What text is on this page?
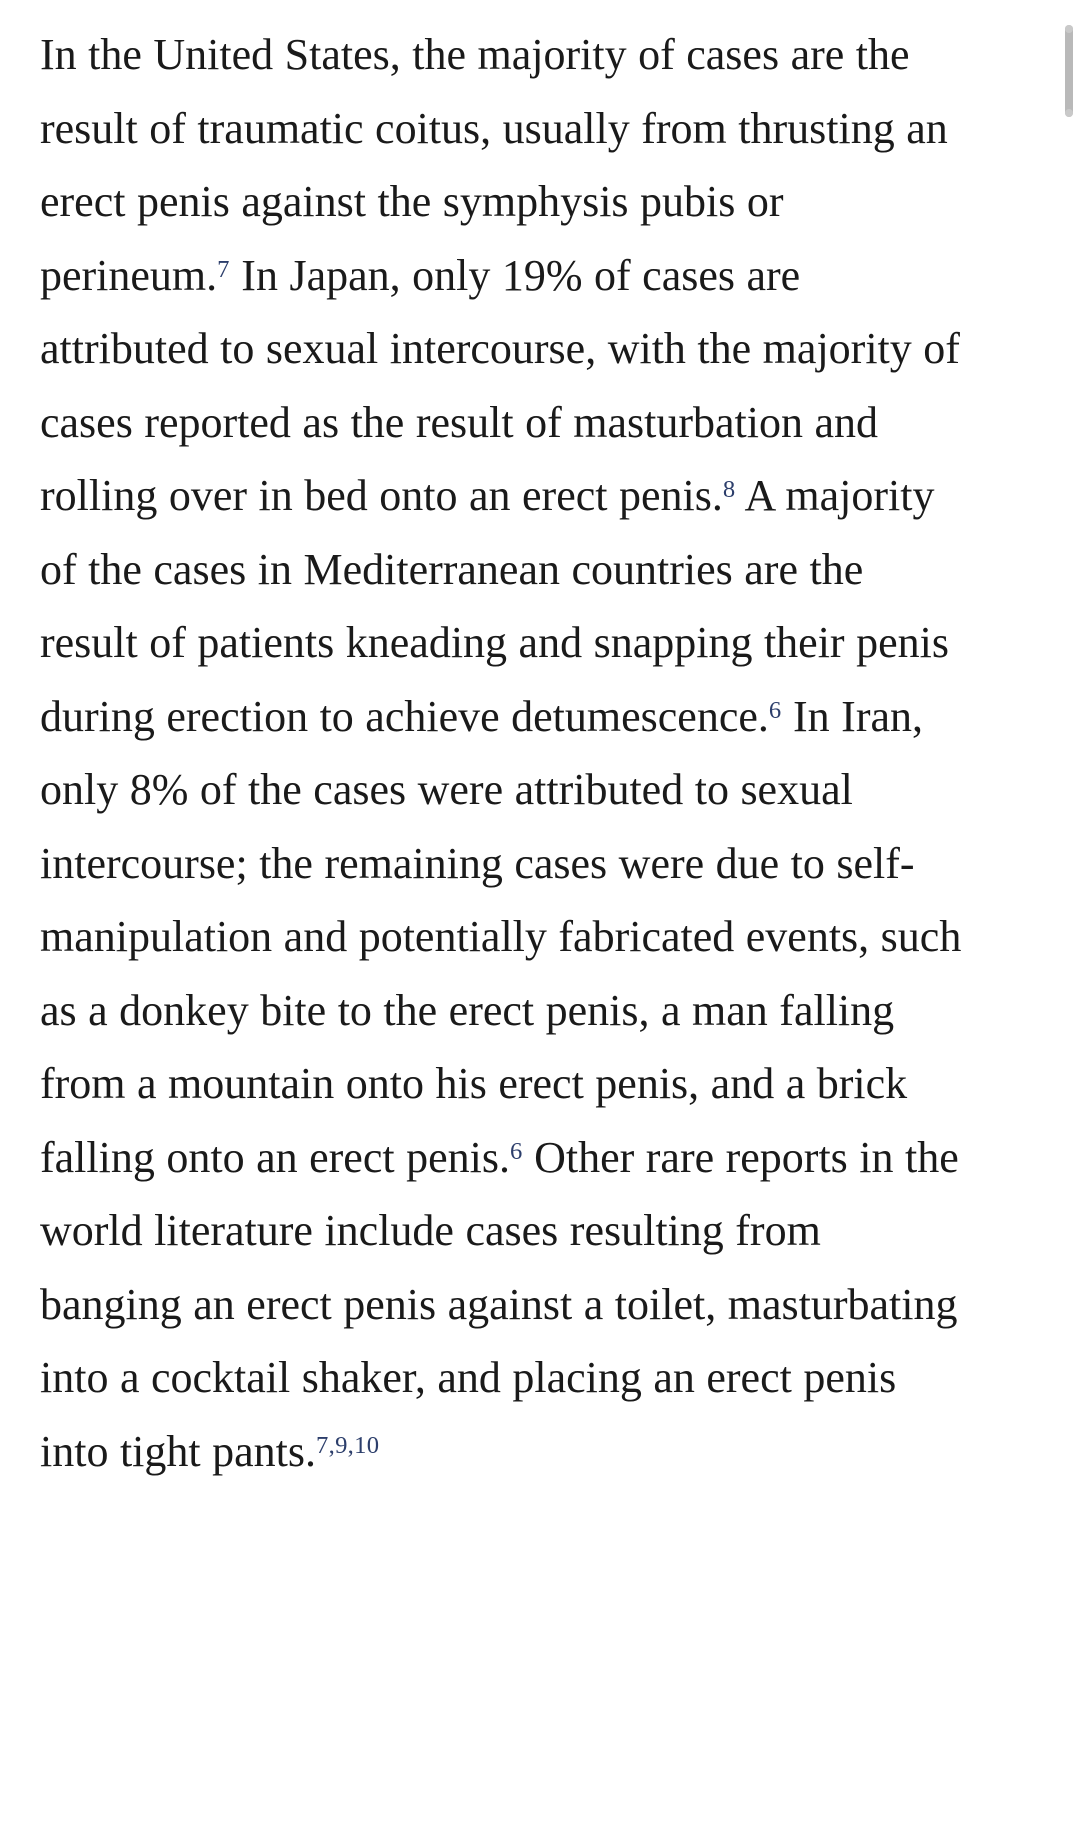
In the United States, the majority of cases are the result of traumatic coitus, usually from thrusting an erect penis against the symphysis pubis or perineum.$^7$ In Japan, only 19% of cases are attributed to sexual intercourse, with the majority of cases reported as the result of masturbation and rolling over in bed onto an erect penis.$^8$ A majority of the cases in Mediterranean countries are the result of patients kneading and snapping their penis during erection to achieve detumescence.$^6$ In Iran, only 8% of the cases were attributed to sexual intercourse; the remaining cases were due to self-manipulation and potentially fabricated events, such as a donkey bite to the erect penis, a man falling from a mountain onto his erect penis, and a brick falling onto an erect penis.$^6$ Other rare reports in the world literature include cases resulting from banging an erect penis against a toilet, masturbating into a cocktail shaker, and placing an erect penis into tight pants.$^{7,9,10}$
